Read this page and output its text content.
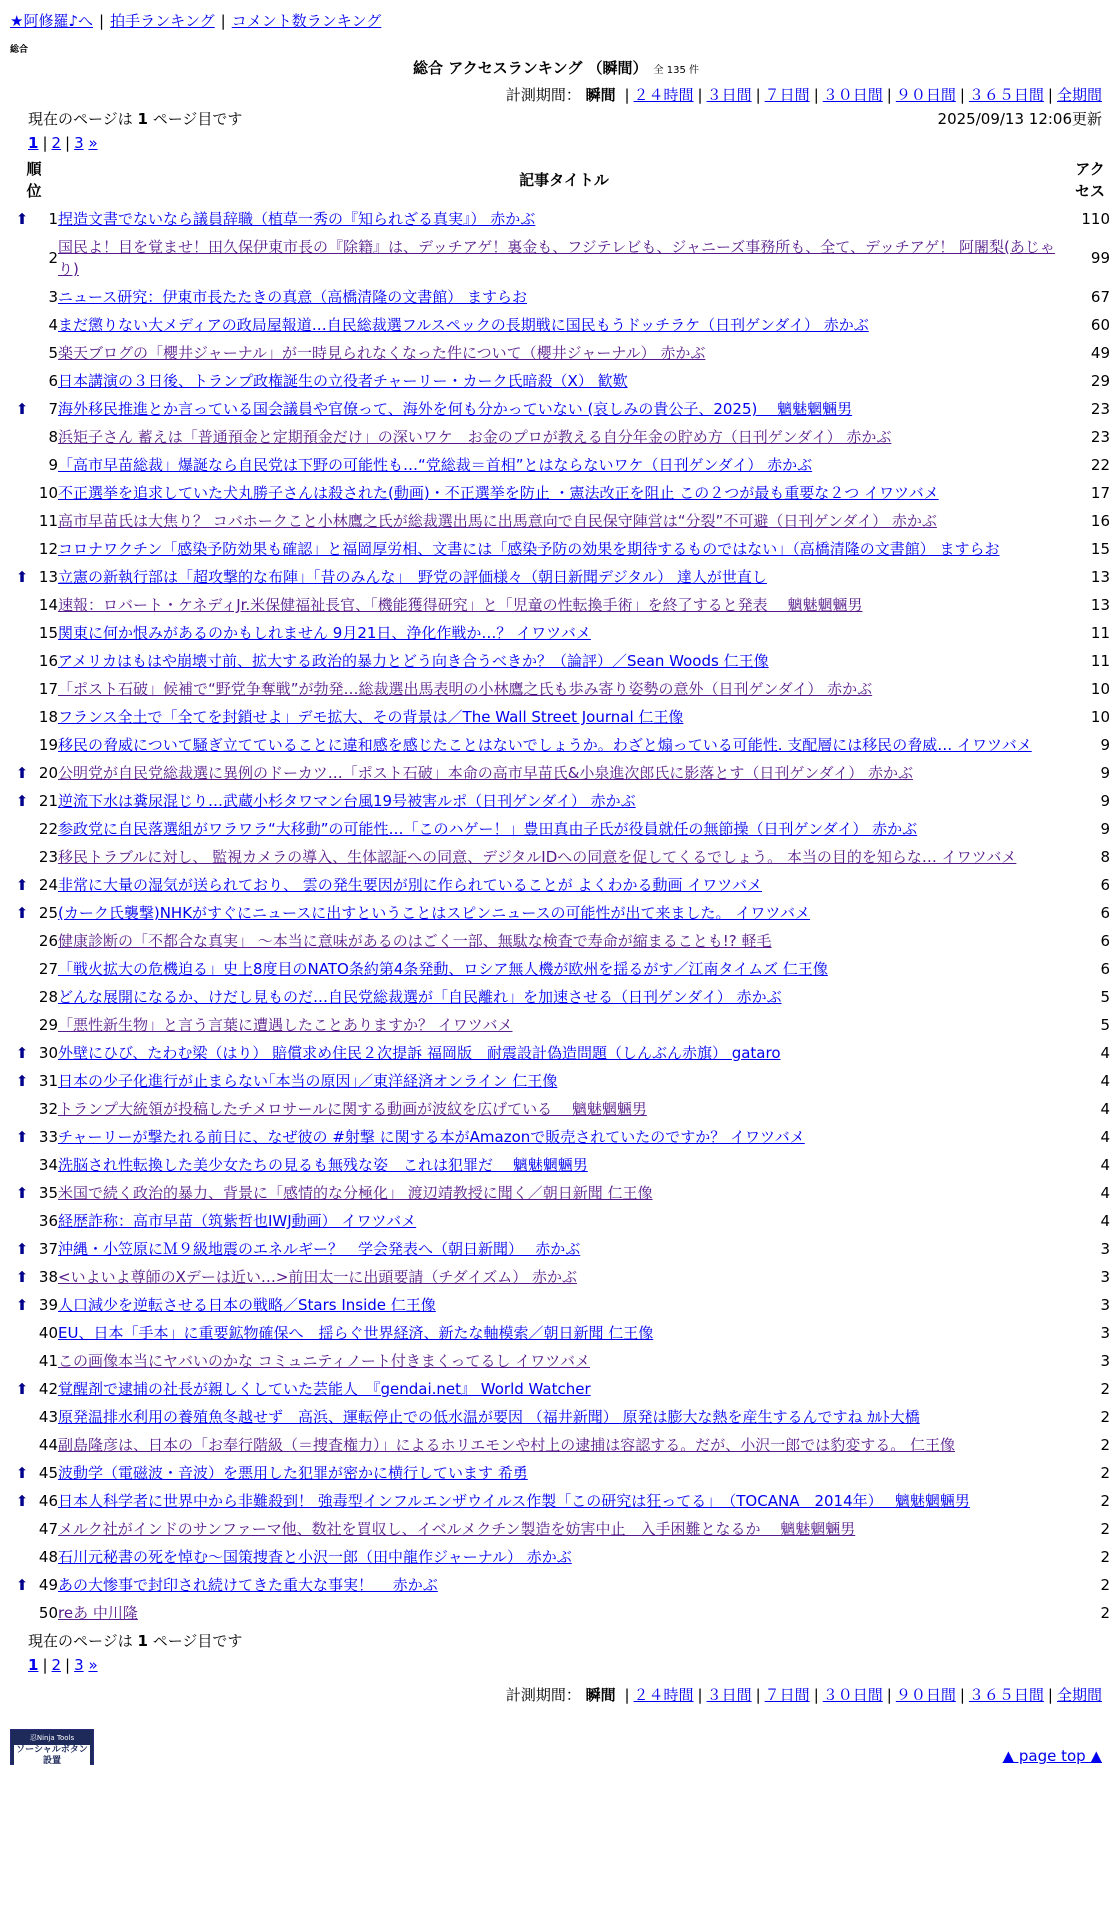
★阿修羅♪へ | 拍手ランキング | コメント数ランキング
総合
総合 アクセスランキング （瞬間） 全 135 件
計測期間： 瞬間 | ２４時間 | ３日間 | ７日間 | ３０日間 | ９０日間 | ３６５日間 | 全期間
現在のページは 1 ページ目です	2025/09/13 12:06更新
1 | 2 | 3 »
順
位		記事タイトル	アク
セス
⬆	1	捏造文書でないなら議員辞職（植草一秀の『知られざる真実』） 赤かぶ	110
	2	国民よ！目を覚ませ！田久保伊東市長の『除籍』は、デッチアゲ！裏金も、フジテレビも、ジャニーズ事務所も、全て、デッチアゲ！ 阿闍梨(あじゃり)	99
	3	ニュース研究：伊東市長たたきの真意（高橋清隆の文書館） ますらお	67
	4	まだ懲りない大メディアの政局屋報道…自民総裁選フルスペックの長期戦に国民もうドッチラケ（日刊ゲンダイ） 赤かぶ	60
	5	楽天ブログの「櫻井ジャーナル」が一時見られなくなった件について（櫻井ジャーナル） 赤かぶ	49
	6	日本講演の３日後、トランプ政権誕生の立役者チャーリー・カーク氏暗殺（X） 歓歎	29
⬆	7	海外移民推進とか言っている国会議員や官僚って、海外を何も分かっていない (哀しみの貴公子、2025)　 魑魅魍魎男	23
	8	浜矩子さん 蓄えは「普通預金と定期預金だけ」の深いワケ　お金のプロが教える自分年金の貯め方（日刊ゲンダイ） 赤かぶ	23
	9	「高市早苗総裁」爆誕なら自民党は下野の可能性も…“党総裁＝首相”とはならないワケ（日刊ゲンダイ） 赤かぶ	22
	10	不正選挙を追求していた犬丸勝子さんは殺された(動画)・不正選挙を防止 ・憲法改正を阻止 この２つが最も重要な２つ イワツバメ	17
	11	高市早苗氏は大焦り？ コバホークこと小林鷹之氏が総裁選出馬に出馬意向で自民保守陣営は“分裂”不可避（日刊ゲンダイ） 赤かぶ	16
	12	コロナワクチン「感染予防効果も確認」と福岡厚労相、文書には「感染予防の効果を期待するものではない」（高橋清隆の文書館） ますらお	15
⬆	13	立憲の新執行部は「超攻撃的な布陣」「昔のみんな」　野党の評価様々（朝日新聞デジタル） 達人が世直し	13
	14	速報：ロバート・ケネディJr.米保健福祉長官、「機能獲得研究」と「児童の性転換手術」を終了すると発表　 魑魅魍魎男	13
	15	関東に何か恨みがあるのかもしれません 9月21日、浄化作戦か…？ イワツバメ	11
	16	アメリカはもはや崩壊寸前、拡大する政治的暴力とどう向き合うべきか？（論評）／Sean Woods 仁王像	11
	17	「ポスト石破」候補で“野党争奪戦”が勃発…総裁選出馬表明の小林鷹之氏も歩み寄り姿勢の意外（日刊ゲンダイ） 赤かぶ	10
	18	フランス全土で「全てを封鎖せよ」デモ拡大、その背景は／The Wall Street Journal 仁王像	10
	19	移民の脅威について騒ぎ立てていることに違和感を感じたことはないでしょうか。わざと煽っている可能性. 支配層には移民の脅威… イワツバメ	9
⬆	20	公明党が自民党総裁選に異例のドーカツ…「ポスト石破」本命の高市早苗氏&小泉進次郎氏に影落とす（日刊ゲンダイ） 赤かぶ	9
⬆	21	逆流下水は糞尿混じり…武蔵小杉タワマン台風19号被害ルポ（日刊ゲンダイ） 赤かぶ	9
	22	参政党に自民落選組がワラワラ“大移動”の可能性…「このハゲー！」豊田真由子氏が役員就任の無節操（日刊ゲンダイ） 赤かぶ	9
	23	移民トラブルに対し、 監視カメラの導入、生体認証への同意、デジタルIDへの同意を促してくるでしょう。 本当の目的を知らな… イワツバメ	8
⬆	24	非常に大量の湿気が送られており、 雲の発生要因が別に作られていることが よくわかる動画 イワツバメ	6
⬆	25	(カーク氏襲撃)NHKがすぐにニュースに出すということはスピンニュースの可能性が出て来ました。 イワツバメ	6
	26	健康診断の「不都合な真実」 ～本当に意味があるのはごく一部、無駄な検査で寿命が縮まることも!? 軽毛	6
	27	「戦火拡大の危機迫る」史上8度目のNATO条約第4条発動、ロシア無人機が欧州を揺るがす／江南タイムズ 仁王像	6
	28	どんな展開になるか、けだし見ものだ…自民党総裁選が「自民離れ」を加速させる（日刊ゲンダイ） 赤かぶ	5
	29	「悪性新生物」と言う言葉に遭遇したことありますか？ イワツバメ	5
⬆	30	外壁にひび、たわむ梁（はり） 賠償求め住民２次提訴 福岡版　耐震設計偽造問題（しんぶん赤旗） gataro	4
⬆	31	日本の少子化進行が止まらない｢本当の原因｣／東洋経済オンライン 仁王像	4
	32	トランプ大統領が投稿したチメロサールに関する動画が波紋を広げている　 魑魅魍魎男	4
⬆	33	チャーリーが撃たれる前日に、なぜ彼の #射撃 に関する本がAmazonで販売されていたのですか？ イワツバメ	4
	34	洗脳され性転換した美少女たちの見るも無残な姿　これは犯罪だ　 魑魅魍魎男	4
⬆	35	米国で続く政治的暴力、背景に「感情的な分極化」 渡辺靖教授に聞く／朝日新聞 仁王像	4
	36	経歴詐称：高市早苗（筑紫哲也IWJ動画） イワツバメ	4
⬆	37	沖縄・小笠原にＭ９級地震のエネルギー？　学会発表へ（朝日新聞）　 赤かぶ	3
⬆	38	<いよいよ尊師のXデーは近い…>前田太一に出頭要請（チダイズム） 赤かぶ	3
⬆	39	人口減少を逆転させる日本の戦略／Stars Inside 仁王像	3
	40	EU、日本「手本」に重要鉱物確保へ　揺らぐ世界経済、新たな軸模索／朝日新聞 仁王像	3
	41	この画像本当にヤバいのかな コミュニティノート付きまくってるし イワツバメ	3
⬆	42	覚醒剤で逮捕の社長が親しくしていた芸能人　『gendai.net』 World Watcher	2
	43	原発温排水利用の養殖魚冬越せず　高浜、運転停止での低水温が要因 （福井新聞） 原発は膨大な熱を産生するんですね ｶﾙﾄ大橋	2
	44	副島隆彦は、日本の「お奉行階級（＝捜査権力）」によるホリエモンや村上の逮捕は容認する。だが、小沢一郎では豹変する。 仁王像	2
⬆	45	波動学（電磁波・音波）を悪用した犯罪が密かに横行しています 希勇	2
⬆	46	日本人科学者に世界中から非難殺到！ 強毒型インフルエンザウイルス作製「この研究は狂ってる」　（TOCANA　2014年）　 魑魅魍魎男	2
	47	メルク社がインドのサンファーマ他、数社を買収し、イベルメクチン製造を妨害中止　入手困難となるか　 魑魅魍魎男	2
	48	石川元秘書の死を悼む～国策捜査と小沢一郎（田中龍作ジャーナル） 赤かぶ	2
⬆	49	あの大惨事で封印され続けてきた重大な事実！　 赤かぶ	2
	50	reあ 中川隆	2
現在のページは 1 ページ目です
1 | 2 | 3 »
計測期間： 瞬間 | ２４時間 | ３日間 | ７日間 | ３０日間 | ９０日間 | ３６５日間 | 全期間
忍Ninja Tools
ソーシャルボタン設置
忍者おまとめボタン
▲ page top ▲
